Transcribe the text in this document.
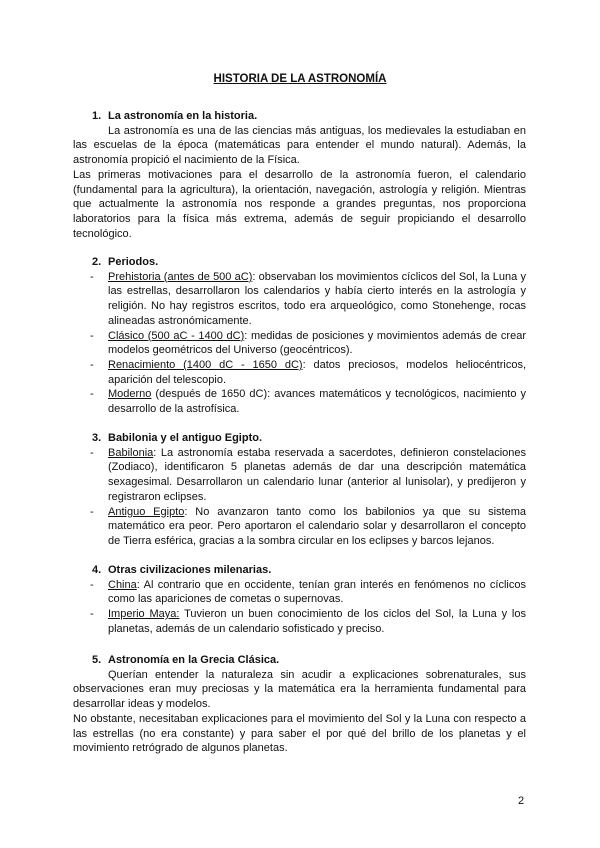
HISTORIA DE LA ASTRONOMÍA
1. La astronomía en la historia.

La astronomía es una de las ciencias más antiguas, los medievales la estudiaban en las escuelas de la época (matemáticas para entender el mundo natural). Además, la astronomía propició el nacimiento de la Física.

Las primeras motivaciones para el desarrollo de la astronomía fueron, el calendario (fundamental para la agricultura), la orientación, navegación, astrología y religión. Mientras que actualmente la astronomía nos responde a grandes preguntas, nos proporciona laboratorios para la física más extrema, además de seguir propiciando el desarrollo tecnológico.

2. Periodos.
- Prehistoria (antes de 500 aC): observaban los movimientos cíclicos del Sol, la Luna y las estrellas, desarrollaron los calendarios y había cierto interés en la astrología y religión. No hay registros escritos, todo era arqueológico, como Stonehenge, rocas alineadas astronómicamente.
- Clásico (500 aC - 1400 dC): medidas de posiciones y movimientos además de crear modelos geométricos del Universo (geocéntricos).
- Renacimiento (1400 dC - 1650 dC): datos preciosos, modelos heliocéntricos, aparición del telescopio.
- Moderno (después de 1650 dC): avances matemáticos y tecnológicos, nacimiento y desarrollo de la astrofísica.
3. Babilonia y el antiguo Egipto.
- Babilonia: La astronomía estaba reservada a sacerdotes, definieron constelaciones (Zodiaco), identificaron 5 planetas además de dar una descripción matemática sexagesimal. Desarrollaron un calendario lunar (anterior al lunisolar), y predijeron y registraron eclipses.
- Antiguo Egipto: No avanzaron tanto como los babilonios ya que su sistema matemático era peor. Pero aportaron el calendario solar y desarrollaron el concepto de Tierra esférica, gracias a la sombra circular en los eclipses y barcos lejanos.
4. Otras civilizaciones milenarias.
- China: Al contrario que en occidente, tenían gran interés en fenómenos no cíclicos como las apariciones de cometas o supernovas.
- Imperio Maya: Tuvieron un buen conocimiento de los ciclos del Sol, la Luna y los planetas, además de un calendario sofisticado y preciso.
5. Astronomía en la Grecia Clásica.

Querían entender la naturaleza sin acudir a explicaciones sobrenaturales, sus observaciones eran muy preciosas y la matemática era la herramienta fundamental para desarrollar ideas y modelos.

No obstante, necesitaban explicaciones para el movimiento del Sol y la Luna con respecto a las estrellas (no era constante) y para saber el por qué del brillo de los planetas y el movimiento retrógrado de algunos planetas.

2
